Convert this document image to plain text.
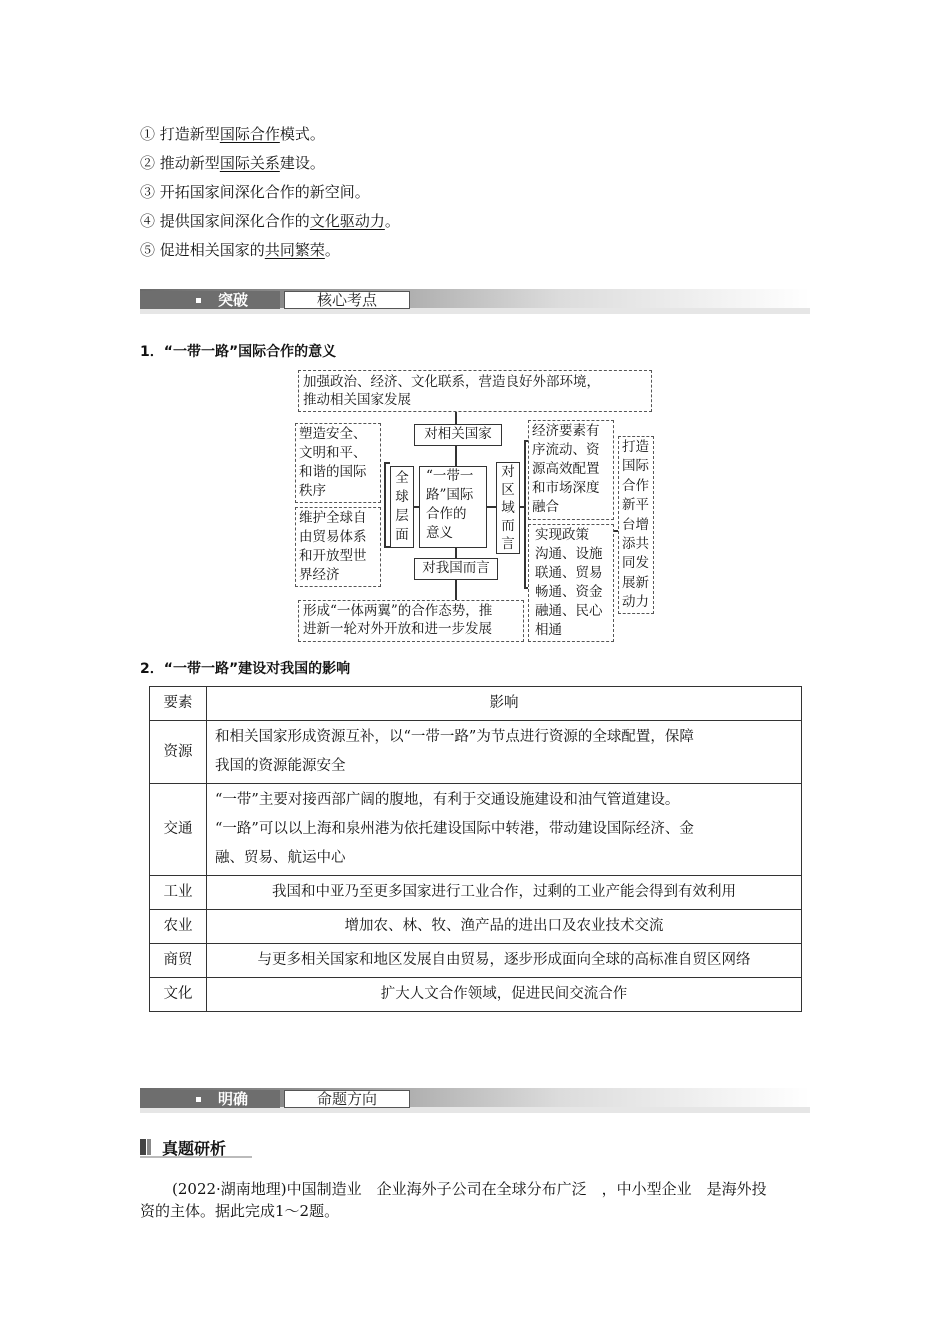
① 打造新型国际合作模式。
② 推动新型国际关系建设。
③ 开拓国家间深化合作的新空间。
④ 提供国家间深化合作的文化驱动力。
⑤ 促进相关国家的共同繁荣。
突破	核心考点
1．“一带一路”国际合作的意义
加强政治、经济、文化联系，营造良好外部环境，
推动相关国家发展
对相关国家
“一带一
路”国际
合作的
意义
对我国而言
全
球
层
面
塑造安全、
文明和平、
和谐的国际
秩序
维护全球自
由贸易体系
和开放型世
界经济
对
区
域
而
言
经济要素有
序流动、资
源高效配置
和市场深度
融合
实现政策
沟通、设施
联通、贸易
畅通、资金
融通、民心
相通
打造
国际
合作
新平
台增
添共
同发
展新
动力
形成“一体两翼”的合作态势，推
进新一轮对外开放和进一步发展
2．“一带一路”建设对我国的影响
要素	影响
资源	和相关国家形成资源互补，以“一带一路”为节点进行资源的全球配置，保障
我国的资源能源安全

交通	“一带”主要对接西部广阔的腹地，有利于交通设施建设和油气管道建设。
“一路”可以以上海和泉州港为依托建设国际中转港，带动建设国际经济、金
融、贸易、航运中心

工业	我国和中亚乃至更多国家进行工业合作，过剩的工业产能会得到有效利用

农业	增加农、林、牧、渔产品的进出口及农业技术交流

商贸	与更多相关国家和地区发展自由贸易，逐步形成面向全球的高标准自贸区网络

文化	扩大人文合作领域，促进民间交流合作
明确	命题方向
真题研析
(2022·湖南地理)中国制造业　企业海外子公司在全球分布广泛　，中小型企业　是海外投
资的主体。据此完成1～2题。
